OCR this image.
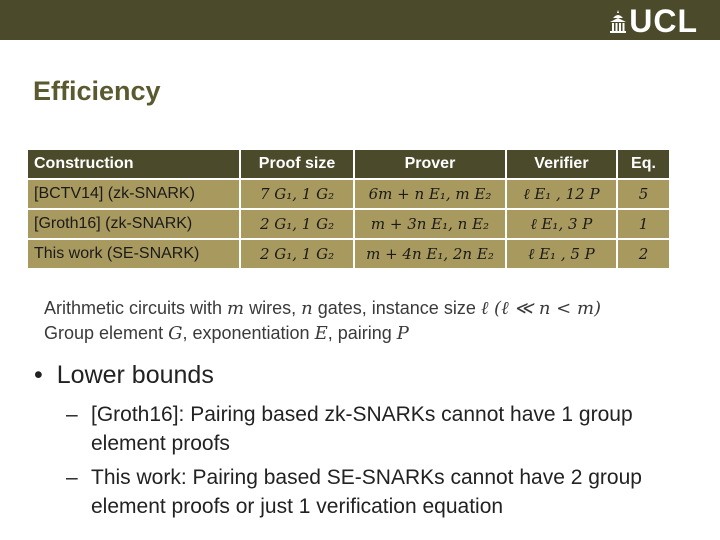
UCL
Efficiency
Construction	Proof size	Prover	Verifier	Eq.
[BCTV14] (zk-SNARK)	7 G₁, 1 G₂	6m + n E₁, m E₂	ℓ E₁ , 12 P	5
[Groth16] (zk-SNARK)	2 G₁, 1 G₂	m + 3n E₁, n E₂	ℓ E₁, 3 P	1
This work (SE-SNARK)	2 G₁, 1 G₂	m + 4n E₁, 2n E₂	ℓ E₁ , 5 P	2
Arithmetic circuits with m wires, n gates, instance size ℓ (ℓ ≪ n < m)
Group element G, exponentiation E, pairing P
• Lower bounds
– [Groth16]: Pairing based zk-SNARKs cannot have 1 group element proofs
– This work: Pairing based SE-SNARKs cannot have 2 group element proofs or just 1 verification equation
